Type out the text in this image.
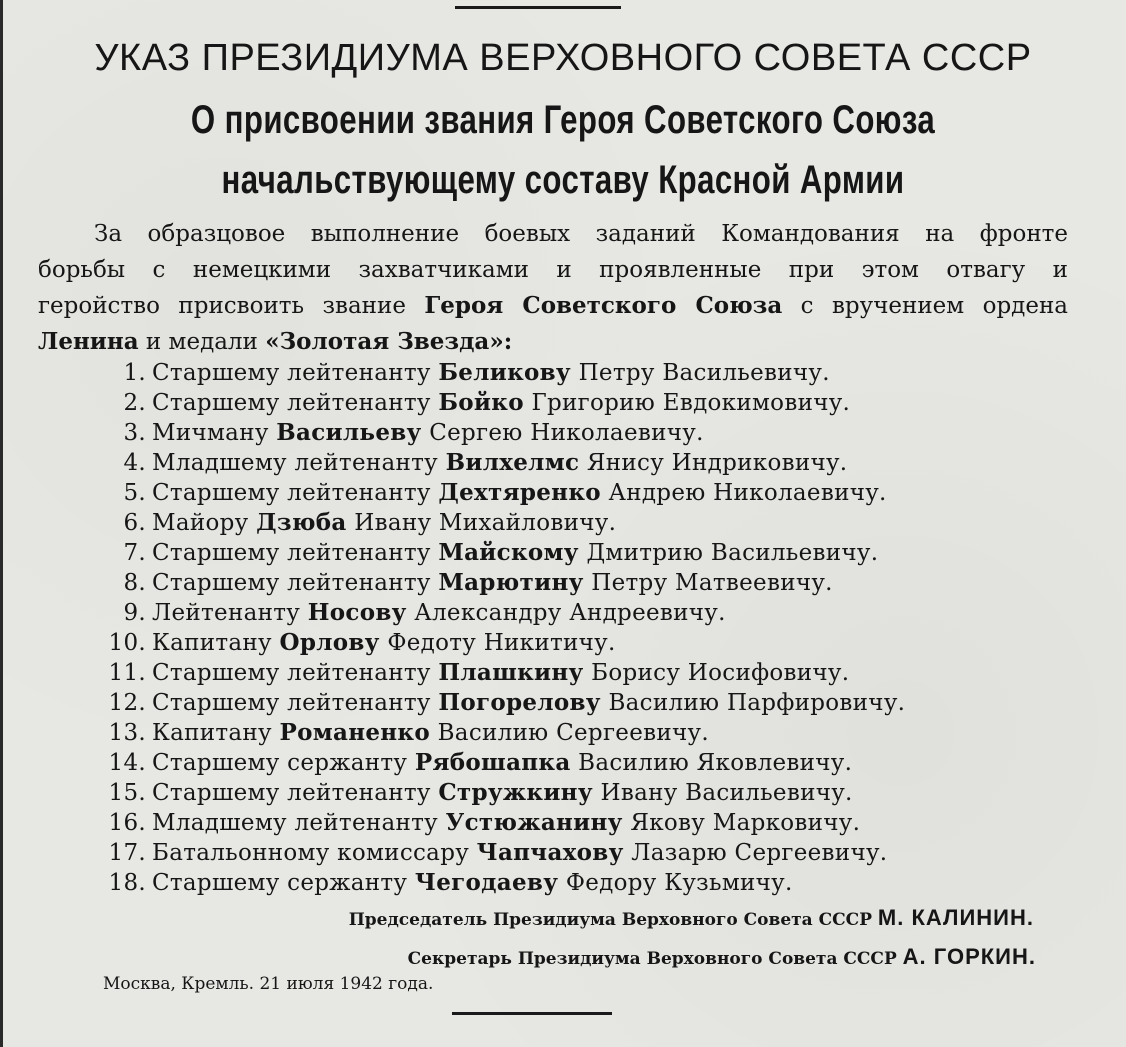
УКАЗ ПРЕЗИДИУМА ВЕРХОВНОГО СОВЕТА СССР
О присвоении звания Героя Советского Союза
начальствующему составу Красной Армии
За образцовое выполнение боевых заданий Командования на фронте
борьбы с немецкими захватчиками и проявленные при этом отвагу и
геройство присвоить звание Героя Советского Союза с вручением ордена
Ленина и медали «Золотая Звезда»:
1. Старшему лейтенанту Беликову Петру Васильевичу.
2. Старшему лейтенанту Бойко Григорию Евдокимовичу.
3. Мичману Васильеву Сергею Николаевичу.
4. Младшему лейтенанту Вилхелмс Янису Индриковичу.
5. Старшему лейтенанту Дехтяренко Андрею Николаевичу.
6. Майору Дзюба Ивану Михайловичу.
7. Старшему лейтенанту Майскому Дмитрию Васильевичу.
8. Старшему лейтенанту Марютину Петру Матвеевичу.
9. Лейтенанту Носову Александру Андреевичу.
10. Капитану Орлову Федоту Никитичу.
11. Старшему лейтенанту Плашкину Борису Иосифовичу.
12. Старшему лейтенанту Погорелову Василию Парфировичу.
13. Капитану Романенко Василию Сергеевичу.
14. Старшему сержанту Рябошапка Василию Яковлевичу.
15. Старшему лейтенанту Стружкину Ивану Васильевичу.
16. Младшему лейтенанту Устюжанину Якову Марковичу.
17. Батальонному комиссару Чапчахову Лазарю Сергеевичу.
18. Старшему сержанту Чегодаеву Федору Кузьмичу.

Председатель Президиума Верховного Совета СССР М. КАЛИНИН.

Секретарь Президиума Верховного Совета СССР А. ГОРКИН.

Москва, Кремль. 21 июля 1942 года.
